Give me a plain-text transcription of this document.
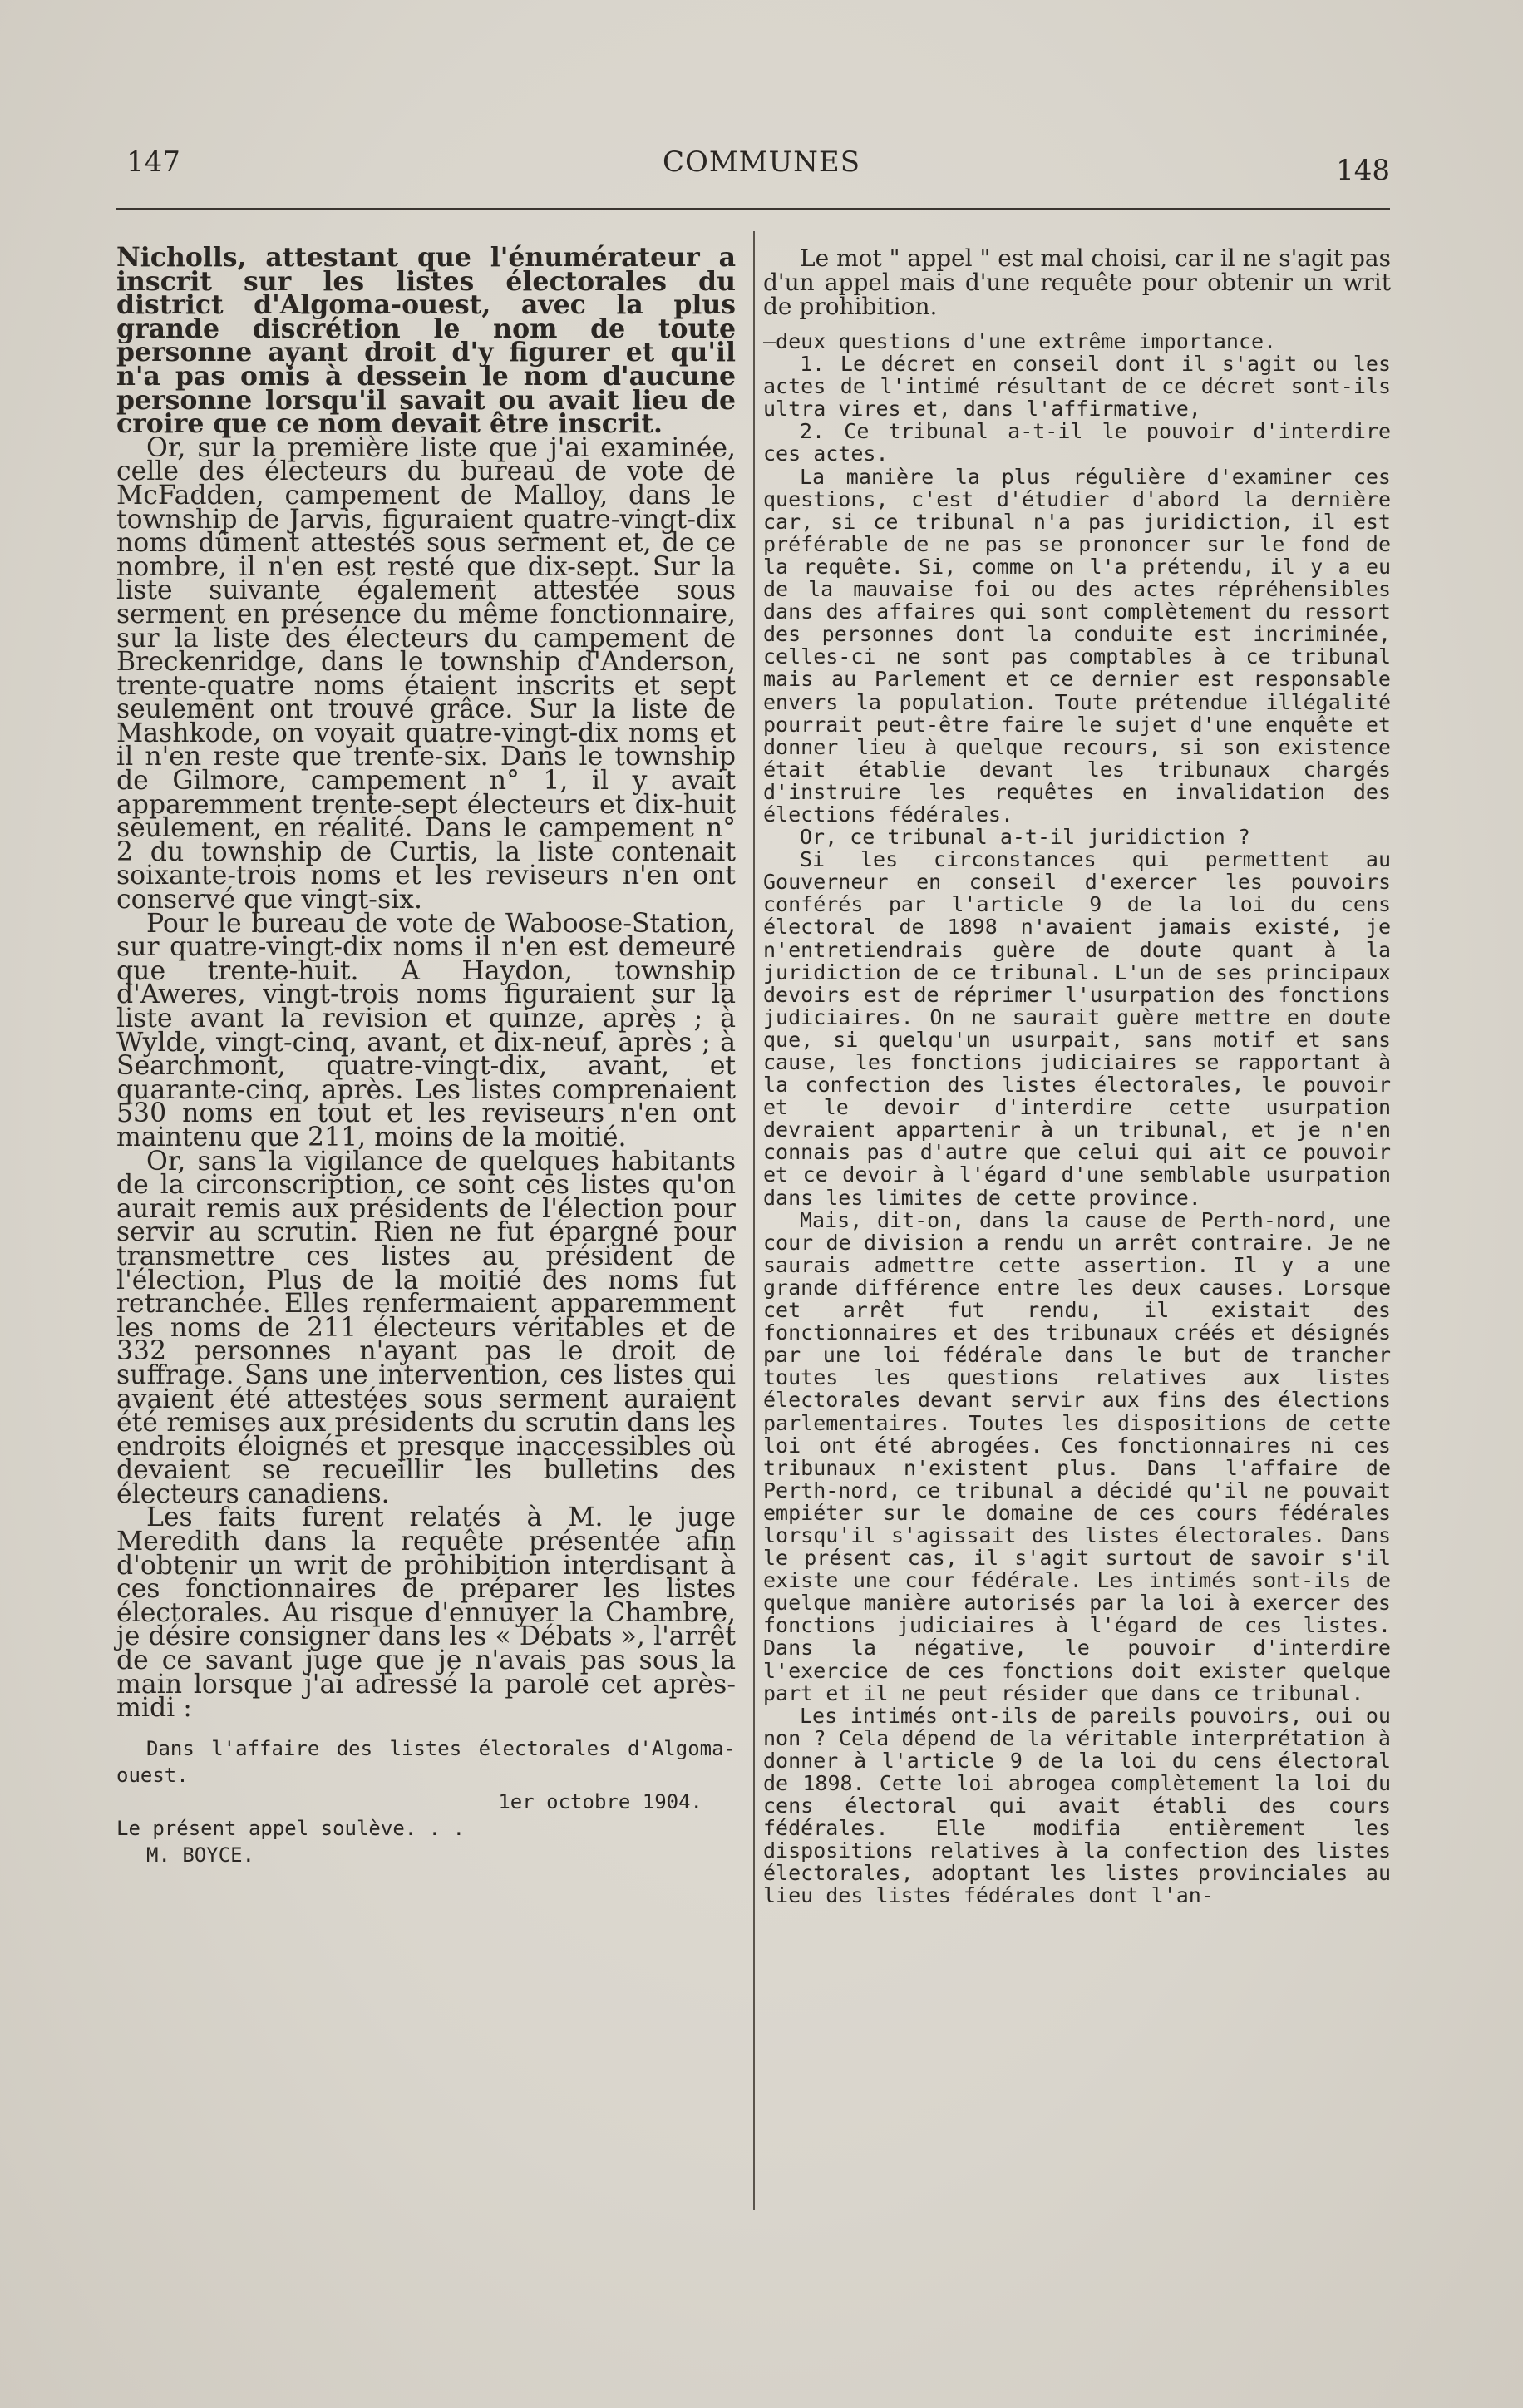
147	COMMUNES	148

Nicholls, attestant que l'énumérateur a inscrit sur les listes électorales du district d'Algoma-ouest, avec la plus grande discrétion le nom de toute personne ayant droit d'y figurer et qu'il n'a pas omis à dessein le nom d'aucune personne lorsqu'il savait ou avait lieu de croire que ce nom devait être inscrit.

Or, sur la première liste que j'ai examinée, celle des électeurs du bureau de vote de McFadden, campement de Malloy, dans le township de Jarvis, figuraient quatre-vingt-dix noms dûment attestés sous serment et, de ce nombre, il n'en est resté que dix-sept. Sur la liste suivante également attestée sous serment en présence du même fonctionnaire, sur la liste des électeurs du campement de Breckenridge, dans le township d'Anderson, trente-quatre noms étaient inscrits et sept seulement ont trouvé grâce. Sur la liste de Mashkode, on voyait quatre-vingt-dix noms et il n'en reste que trente-six. Dans le township de Gilmore, campement n° 1, il y avait apparemment trente-sept électeurs et dix-huit seulement, en réalité. Dans le campement n° 2 du township de Curtis, la liste contenait soixante-trois noms et les reviseurs n'en ont conservé que vingt-six.

Pour le bureau de vote de Waboose-Station, sur quatre-vingt-dix noms il n'en est demeuré que trente-huit. A Haydon, township d'Aweres, vingt-trois noms figuraient sur la liste avant la revision et quinze, après ; à Wylde, vingt-cinq, avant, et dix-neuf, après ; à Searchmont, quatre-vingt-dix, avant, et quarante-cinq, après. Les listes comprenaient 530 noms en tout et les reviseurs n'en ont maintenu que 211, moins de la moitié.

Or, sans la vigilance de quelques habitants de la circonscription, ce sont ces listes qu'on aurait remis aux présidents de l'élection pour servir au scrutin. Rien ne fut épargné pour transmettre ces listes au président de l'élection. Plus de la moitié des noms fut retranchée. Elles renfermaient apparemment les noms de 211 électeurs véritables et de 332 personnes n'ayant pas le droit de suffrage. Sans une intervention, ces listes qui avaient été attestées sous serment auraient été remises aux présidents du scrutin dans les endroits éloignés et presque inaccessibles où devaient se recueillir les bulletins des électeurs canadiens.

Les faits furent relatés à M. le juge Meredith dans la requête présentée afin d'obtenir un writ de prohibition interdisant à ces fonctionnaires de préparer les listes électorales. Au risque d'ennuyer la Chambre, je désire consigner dans les « Débats », l'arrêt de ce savant juge que je n'avais pas sous la main lorsque j'ai adressé la parole cet après-midi :

Dans l'affaire des listes électorales d'Algoma-ouest.

1er octobre 1904.

Le présent appel soulève. . .

M. BOYCE.

Le mot " appel " est mal choisi, car il ne s'agit pas d'un appel mais d'une requête pour obtenir un writ de prohibition.

—deux questions d'une extrême importance.

1. Le décret en conseil dont il s'agit ou les actes de l'intimé résultant de ce décret sont-ils ultra vires et, dans l'affirmative,

2. Ce tribunal a-t-il le pouvoir d'interdire ces actes.

La manière la plus régulière d'examiner ces questions, c'est d'étudier d'abord la dernière car, si ce tribunal n'a pas juridiction, il est préférable de ne pas se prononcer sur le fond de la requête. Si, comme on l'a prétendu, il y a eu de la mauvaise foi ou des actes répréhensibles dans des affaires qui sont complètement du ressort des personnes dont la conduite est incriminée, celles-ci ne sont pas comptables à ce tribunal mais au Parlement et ce dernier est responsable envers la population. Toute prétendue illégalité pourrait peut-être faire le sujet d'une enquête et donner lieu à quelque recours, si son existence était établie devant les tribunaux chargés d'instruire les requêtes en invalidation des élections fédérales.

Or, ce tribunal a-t-il juridiction ?

Si les circonstances qui permettent au Gouverneur en conseil d'exercer les pouvoirs conférés par l'article 9 de la loi du cens électoral de 1898 n'avaient jamais existé, je n'entretiendrais guère de doute quant à la juridiction de ce tribunal. L'un de ses principaux devoirs est de réprimer l'usurpation des fonctions judiciaires. On ne saurait guère mettre en doute que, si quelqu'un usurpait, sans motif et sans cause, les fonctions judiciaires se rapportant à la confection des listes électorales, le pouvoir et le devoir d'interdire cette usurpation devraient appartenir à un tribunal, et je n'en connais pas d'autre que celui qui ait ce pouvoir et ce devoir à l'égard d'une semblable usurpation dans les limites de cette province.

Mais, dit-on, dans la cause de Perth-nord, une cour de division a rendu un arrêt contraire. Je ne saurais admettre cette assertion. Il y a une grande différence entre les deux causes. Lorsque cet arrêt fut rendu, il existait des fonctionnaires et des tribunaux créés et désignés par une loi fédérale dans le but de trancher toutes les questions relatives aux listes électorales devant servir aux fins des élections parlementaires. Toutes les dispositions de cette loi ont été abrogées. Ces fonctionnaires ni ces tribunaux n'existent plus. Dans l'affaire de Perth-nord, ce tribunal a décidé qu'il ne pouvait empiéter sur le domaine de ces cours fédérales lorsqu'il s'agissait des listes électorales. Dans le présent cas, il s'agit surtout de savoir s'il existe une cour fédérale. Les intimés sont-ils de quelque manière autorisés par la loi à exercer des fonctions judiciaires à l'égard de ces listes. Dans la négative, le pouvoir d'interdire l'exercice de ces fonctions doit exister quelque part et il ne peut résider que dans ce tribunal.

Les intimés ont-ils de pareils pouvoirs, oui ou non ? Cela dépend de la véritable interprétation à donner à l'article 9 de la loi du cens électoral de 1898. Cette loi abrogea complètement la loi du cens électoral qui avait établi des cours fédérales. Elle modifia entièrement les dispositions relatives à la confection des listes électorales, adoptant les listes provinciales au lieu des listes fédérales dont l'an-
